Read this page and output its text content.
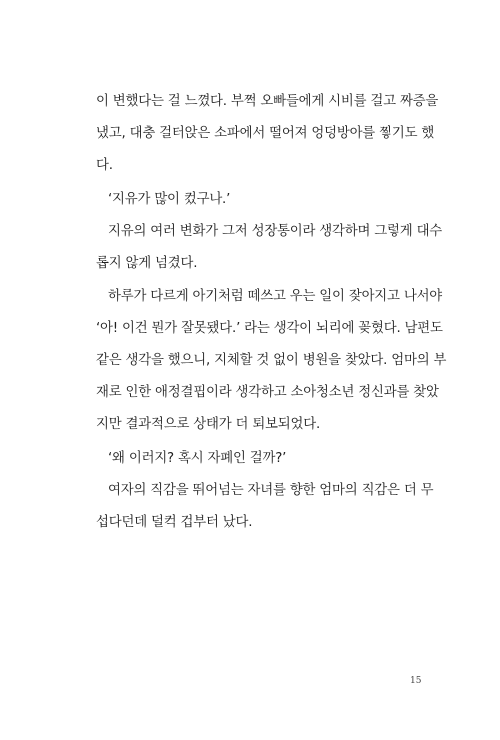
이 변했다는 걸 느꼈다. 부쩍 오빠들에게 시비를 걸고 짜증을
냈고, 대충 걸터앉은 소파에서 떨어져 엉덩방아를 찧기도 했
다.
‘지유가 많이 컸구나.’
지유의 여러 변화가 그저 성장통이라 생각하며 그렇게 대수
롭지 않게 넘겼다.
하루가 다르게 아기처럼 떼쓰고 우는 일이 잦아지고 나서야
‘아! 이건 뭔가 잘못됐다.’ 라는 생각이 뇌리에 꽂혔다. 남편도
같은 생각을 했으니, 지체할 것 없이 병원을 찾았다. 엄마의 부
재로 인한 애정결핍이라 생각하고 소아청소년 정신과를 찾았
지만 결과적으로 상태가 더 퇴보되었다.
‘왜 이러지? 혹시 자폐인 걸까?’
여자의 직감을 뛰어넘는 자녀를 향한 엄마의 직감은 더 무
섭다던데 덜컥 겁부터 났다.
15
